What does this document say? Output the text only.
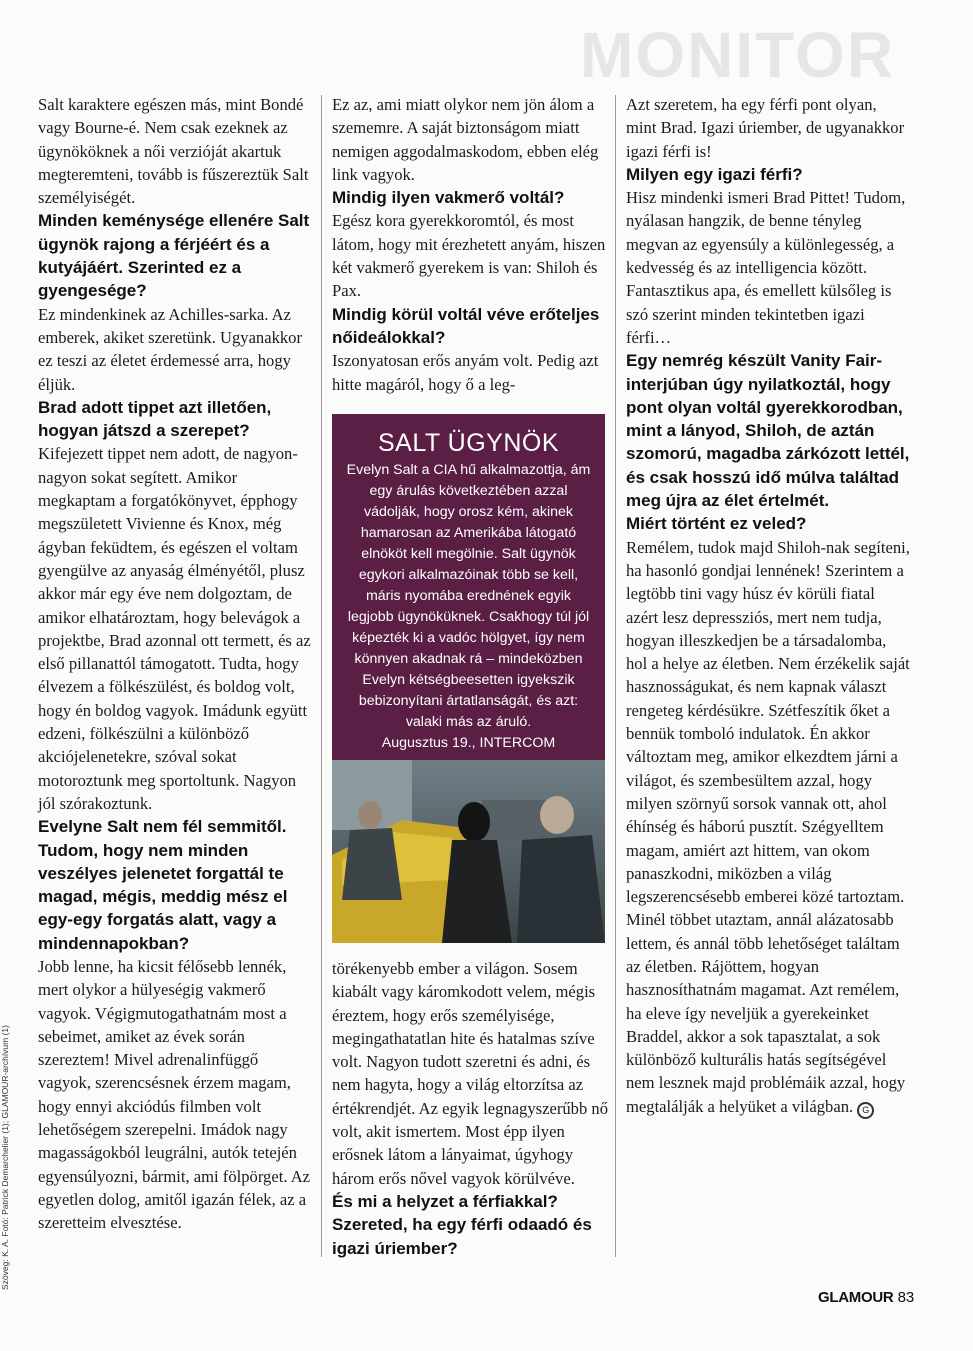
MONITOR

Salt karaktere egészen más, mint Bondé vagy Bourne-é. Nem csak ezeknek az ügynököknek a női verzióját akartuk megteremteni, tovább is fűszereztük Salt személyiségét.

Minden keménysége ellenére Salt ügynök rajong a férjéért és a kutyájáért. Szerinted ez a gyengesége?

Ez mindenkinek az Achilles-sarka. Az emberek, akiket szeretünk. Ugyanakkor ez teszi az életet érdemessé arra, hogy éljük.

Brad adott tippet azt illetően, hogyan játszd a szerepet?

Kifejezett tippet nem adott, de nagyon-nagyon sokat segített. Amikor megkaptam a forgatókönyvet, épphogy megszületett Vivienne és Knox, még ágyban feküdtem, és egészen el voltam gyengülve az anyaság élményétől, plusz akkor már egy éve nem dolgoztam, de amikor elhatároztam, hogy belevágok a projektbe, Brad azonnal ott termett, és az első pillanattól támogatott. Tudta, hogy élvezem a fölkészülést, és boldog volt, hogy én boldog vagyok. Imádunk együtt edzeni, fölkészülni a különböző akciójelenetekre, szóval sokat motoroztunk meg sportoltunk. Nagyon jól szórakoztunk.

Evelyne Salt nem fél semmitől. Tudom, hogy nem minden veszélyes jelenetet forgattál te magad, mégis, meddig mész el egy-egy forgatás alatt, vagy a mindennapokban?

Jobb lenne, ha kicsit félősebb lennék, mert olykor a hülyeségig vakmerő vagyok. Végigmutogathatnám most a sebeimet, amiket az évek során szereztem! Mivel adrenalinfüggő vagyok, szerencsésnek érzem magam, hogy ennyi akciódús filmben volt lehetőségem szerepelni. Imádok nagy magasságokból leugrálni, autók tetején egyensúlyozni, bármit, ami fölpörget. Az egyetlen dolog, amitől igazán félek, az a szeretteim elvesztése.

Ez az, ami miatt olykor nem jön álom a szememre. A saját biztonságom miatt nemigen aggodalmaskodom, ebben elég link vagyok.

Mindig ilyen vakmerő voltál?

Egész kora gyerekkoromtól, és most látom, hogy mit érezhetett anyám, hiszen két vakmerő gyerekem is van: Shiloh és Pax.

Mindig körül voltál véve erőteljes nőideálokkal?

Iszonyatosan erős anyám volt. Pedig azt hitte magáról, hogy ő a leg-

SALT ÜGYNÖK
Evelyn Salt a CIA hű alkalmazottja, ám egy árulás következtében azzal vádolják, hogy orosz kém, akinek hamarosan az Amerikába látogató elnököt kell megölnie. Salt ügynök egykori alkalmazóinak több se kell, máris nyomába erednének egyik legjobb ügynöküknek. Csakhogy túl jól képezték ki a vadóc hölgyet, így nem könnyen akadnak rá – mindeközben Evelyn kétségbeesetten igyekszik bebizonyítani ártatlanságát, és azt: valaki más az áruló.
Augusztus 19., INTERCOM

törékenyebb ember a világon. Sosem kiabált vagy káromkodott velem, mégis éreztem, hogy erős személyisége, megingathatatlan hite és hatalmas szíve volt. Nagyon tudott szeretni és adni, és nem hagyta, hogy a világ eltorzítsa az értékrendjét. Az egyik legnagyszerűbb nő volt, akit ismertem. Most épp ilyen erősnek látom a lányaimat, úgyhogy három erős nővel vagyok körülvéve.

És mi a helyzet a férfiakkal? Szereted, ha egy férfi odaadó és igazi úriember?

Azt szeretem, ha egy férfi pont olyan, mint Brad. Igazi úriember, de ugyanakkor igazi férfi is!

Milyen egy igazi férfi?

Hisz mindenki ismeri Brad Pittet! Tudom, nyálasan hangzik, de benne tényleg megvan az egyensúly a különlegesség, a kedvesség és az intelligencia között. Fantasztikus apa, és emellett külsőleg is szó szerint minden tekintetben igazi férfi…

Egy nemrég készült Vanity Fair-interjúban úgy nyilatkoztál, hogy pont olyan voltál gyerekkorodban, mint a lányod, Shiloh, de aztán szomorú, magadba zárkózott lettél, és csak hosszú idő múlva találtad meg újra az élet értelmét.

Miért történt ez veled?

Remélem, tudok majd Shiloh-nak segíteni, ha hasonló gondjai lennének! Szerintem a legtöbb tini vagy húsz év körüli fiatal azért lesz depressziós, mert nem tudja, hogyan illeszkedjen be a társadalomba, hol a helye az életben. Nem érzékelik saját hasznosságukat, és nem kapnak választ rengeteg kérdésükre. Szétfeszítik őket a bennük tomboló indulatok. Én akkor változtam meg, amikor elkezdtem járni a világot, és szembesültem azzal, hogy milyen szörnyű sorsok vannak ott, ahol éhínség és háború pusztít. Szégyelltem magam, amiért azt hittem, van okom panaszkodni, miközben a világ legszerencsésebb emberei közé tartoztam. Minél többet utaztam, annál alázatosabb lettem, és annál több lehetőséget találtam az életben. Rájöttem, hogyan hasznosíthatnám magamat. Azt remélem, ha eleve így neveljük a gyerekeinket Braddel, akkor a sok tapasztalat, a sok különböző kulturális hatás segítségével nem lesznek majd problémáik azzal, hogy megtalálják a helyüket a világban. G

Szöveg: K. A. Fotó: Patrick Demarchelier (1); GLAMOUR-archívum (1)
GLAMOUR 83
